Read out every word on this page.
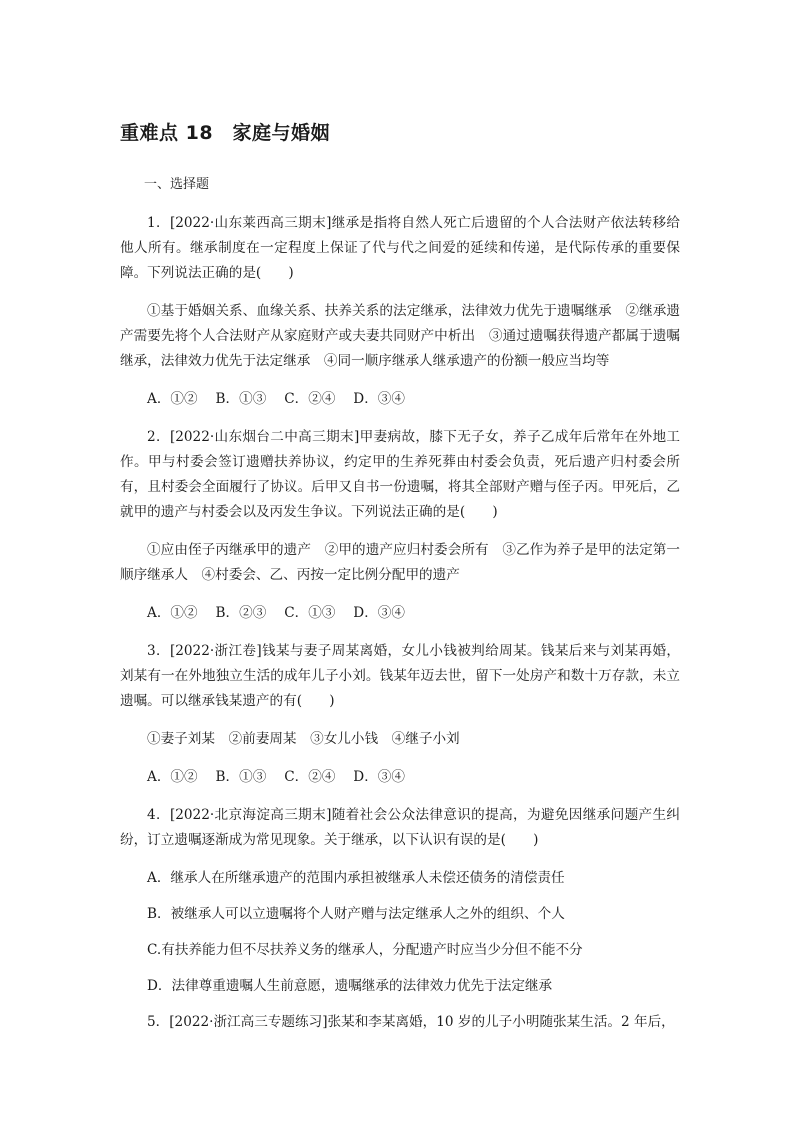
重难点 18　家庭与婚姻
一、选择题
1．[2022·山东莱西高三期末]继承是指将自然人死亡后遗留的个人合法财产依法转移给他人所有。继承制度在一定程度上保证了代与代之间爱的延续和传递，是代际传承的重要保障。下列说法正确的是(　　)
①基于婚姻关系、血缘关系、扶养关系的法定继承，法律效力优先于遗嘱继承　②继承遗产需要先将个人合法财产从家庭财产或夫妻共同财产中析出　③通过遗嘱获得遗产都属于遗嘱继承，法律效力优先于法定继承　④同一顺序继承人继承遗产的份额一般应当均等
A．①②　 B．①③　 C．②④　 D．③④
2．[2022·山东烟台二中高三期末]甲妻病故，膝下无子女，养子乙成年后常年在外地工作。甲与村委会签订遗赠扶养协议，约定甲的生养死葬由村委会负责，死后遗产归村委会所有，且村委会全面履行了协议。后甲又自书一份遗嘱，将其全部财产赠与侄子丙。甲死后，乙就甲的遗产与村委会以及丙发生争议。下列说法正确的是(　　)
①应由侄子丙继承甲的遗产　②甲的遗产应归村委会所有　③乙作为养子是甲的法定第一顺序继承人　④村委会、乙、丙按一定比例分配甲的遗产
A．①②　 B．②③　 C．①③　 D．③④
3．[2022·浙江卷]钱某与妻子周某离婚，女儿小钱被判给周某。钱某后来与刘某再婚，刘某有一在外地独立生活的成年儿子小刘。钱某年迈去世，留下一处房产和数十万存款，未立遗嘱。可以继承钱某遗产的有(　　)
①妻子刘某　②前妻周某　③女儿小钱　④继子小刘
A．①②　 B．①③　 C．②④　 D．③④
4．[2022·北京海淀高三期末]随着社会公众法律意识的提高，为避免因继承问题产生纠纷，订立遗嘱逐渐成为常见现象。关于继承，以下认识有误的是(　　)
A．继承人在所继承遗产的范围内承担被继承人未偿还债务的清偿责任
B．被继承人可以立遗嘱将个人财产赠与法定继承人之外的组织、个人
C.有扶养能力但不尽扶养义务的继承人，分配遗产时应当少分但不能不分
D．法律尊重遗嘱人生前意愿，遗嘱继承的法律效力优先于法定继承
5．[2022·浙江高三专题练习]张某和李某离婚，10 岁的儿子小明随张某生活。2 年后，
